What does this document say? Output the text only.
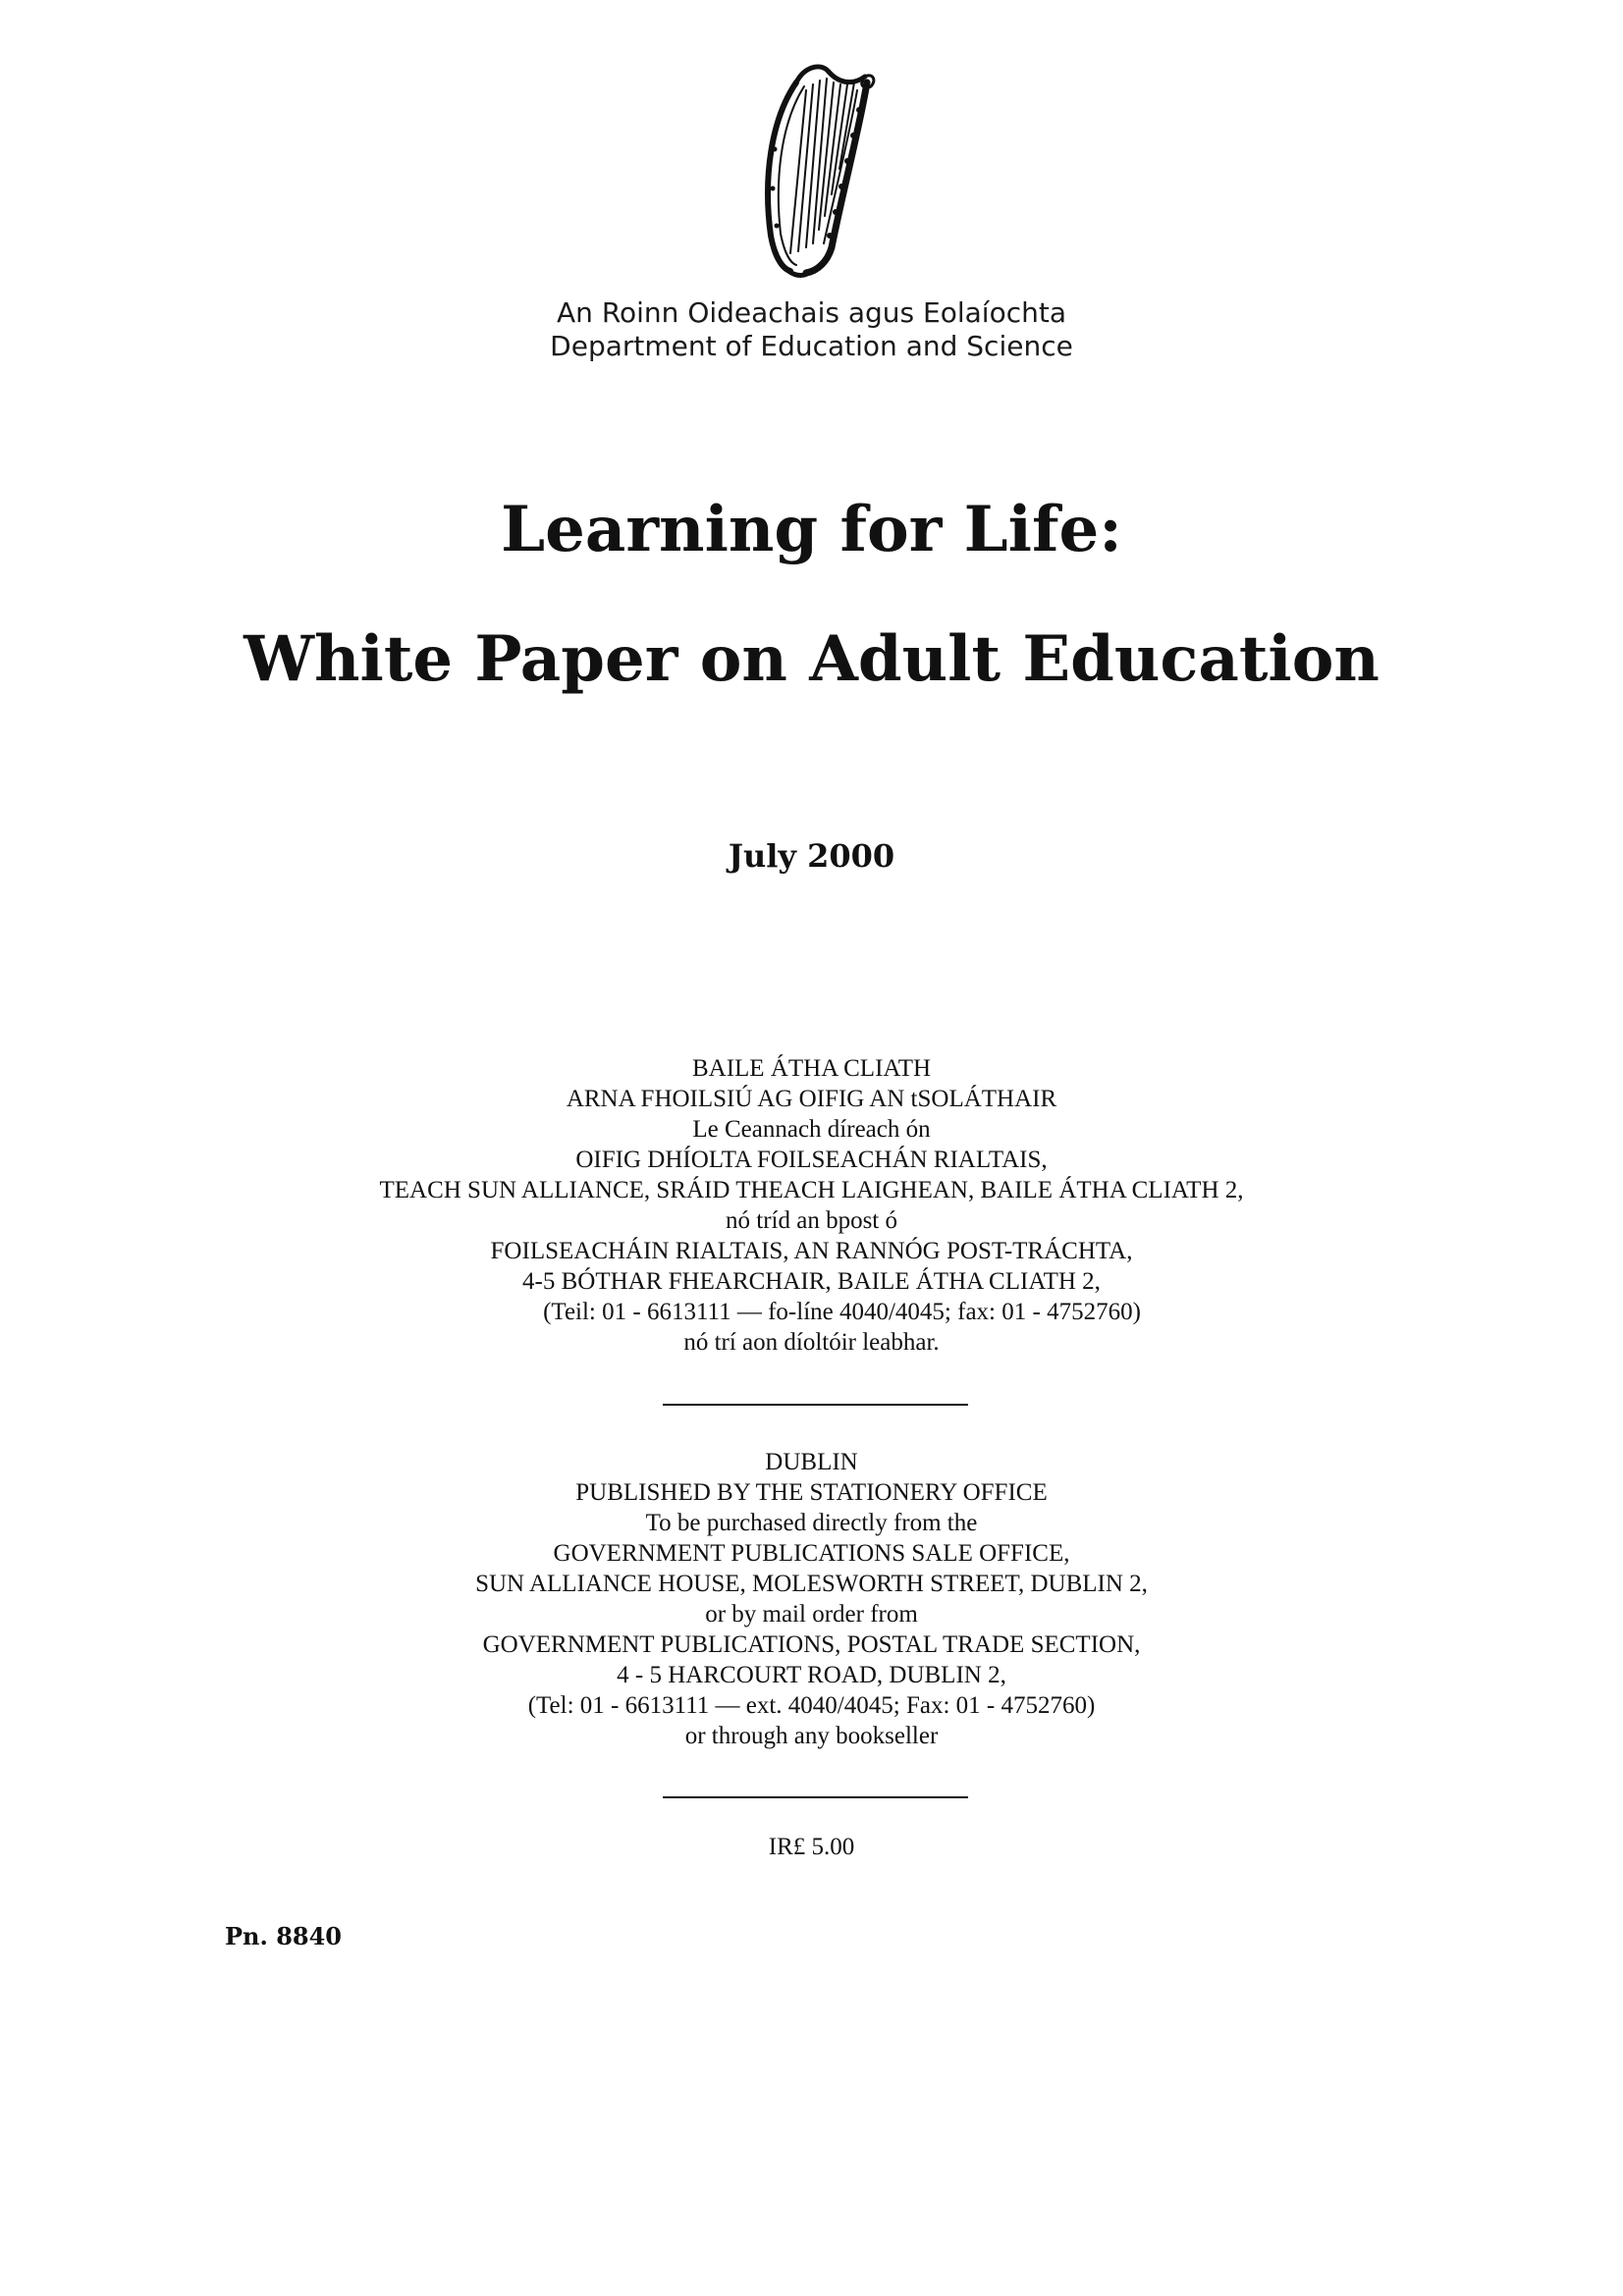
An Roinn Oideachais agus Eolaíochta
Department of Education and Science
Learning for Life:
White Paper on Adult Education
July 2000
BAILE ÁTHA CLIATH
ARNA FHOILSIÚ AG OIFIG AN tSOLÁTHAIR
Le Ceannach díreach ón
OIFIG DHÍOLTA FOILSEACHÁN RIALTAIS,
TEACH SUN ALLIANCE, SRÁID THEACH LAIGHEAN, BAILE ÁTHA CLIATH 2,
nó tríd an bpost ó
FOILSEACHÁIN RIALTAIS, AN RANNÓG POST-TRÁCHTA,
4-5 BÓTHAR FHEARCHAIR, BAILE ÁTHA CLIATH 2,
(Teil: 01 - 6613111 — fo-líne 4040/4045; fax: 01 - 4752760)
nó trí aon díoltóir leabhar.
DUBLIN
PUBLISHED BY THE STATIONERY OFFICE
To be purchased directly from the
GOVERNMENT PUBLICATIONS SALE OFFICE,
SUN ALLIANCE HOUSE, MOLESWORTH STREET, DUBLIN 2,
or by mail order from
GOVERNMENT PUBLICATIONS, POSTAL TRADE SECTION,
4 - 5 HARCOURT ROAD, DUBLIN 2,
(Tel: 01 - 6613111 — ext. 4040/4045; Fax: 01 - 4752760)
or through any bookseller
IR£ 5.00
Pn. 8840
